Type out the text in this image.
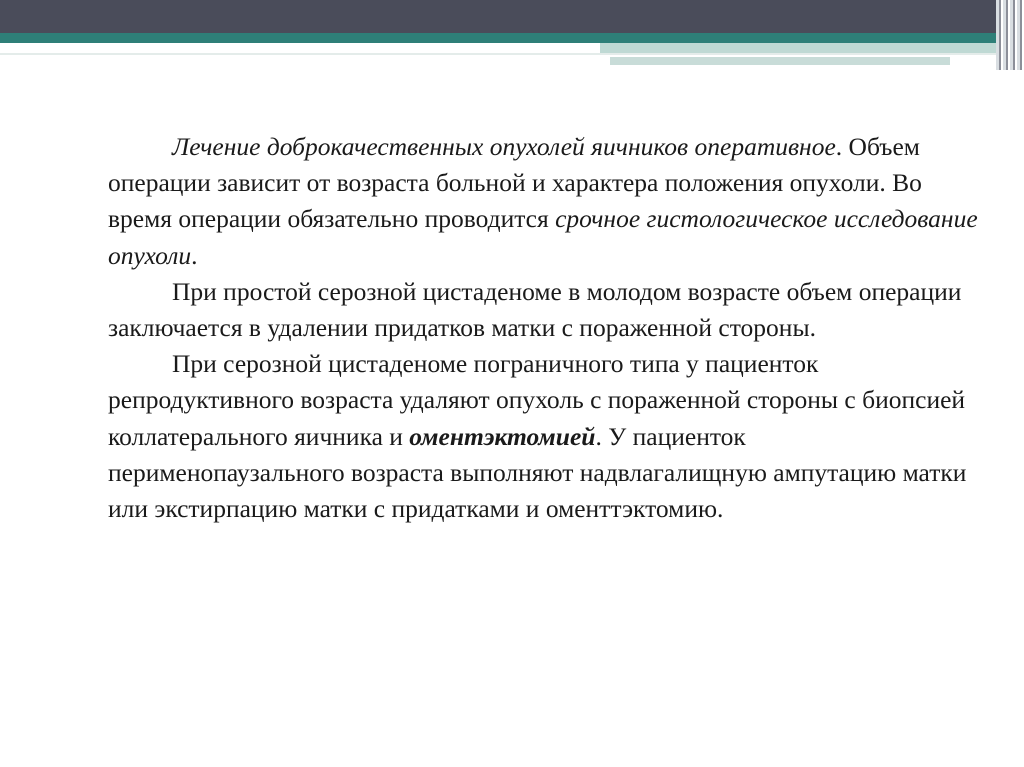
Лечение доброкачественных опухолей яичников оперативное. Объем операции зависит от возраста больной и характера положения опухоли. Во время операции обязательно проводится срочное гистологическое исследование опухоли.

При простой серозной цистаденоме в молодом возрасте объем операции заключается в удалении придатков матки с пораженной стороны.

При серозной цистаденоме пограничного типа у пациенток репродуктивного возраста удаляют опухоль с пораженной стороны с биопсией коллатерального яичника и оментэктомией. У пациенток перименопаузального возраста выполняют надвлагалищную ампутацию матки или экстирпацию матки с придатками и оменттэктомию.
